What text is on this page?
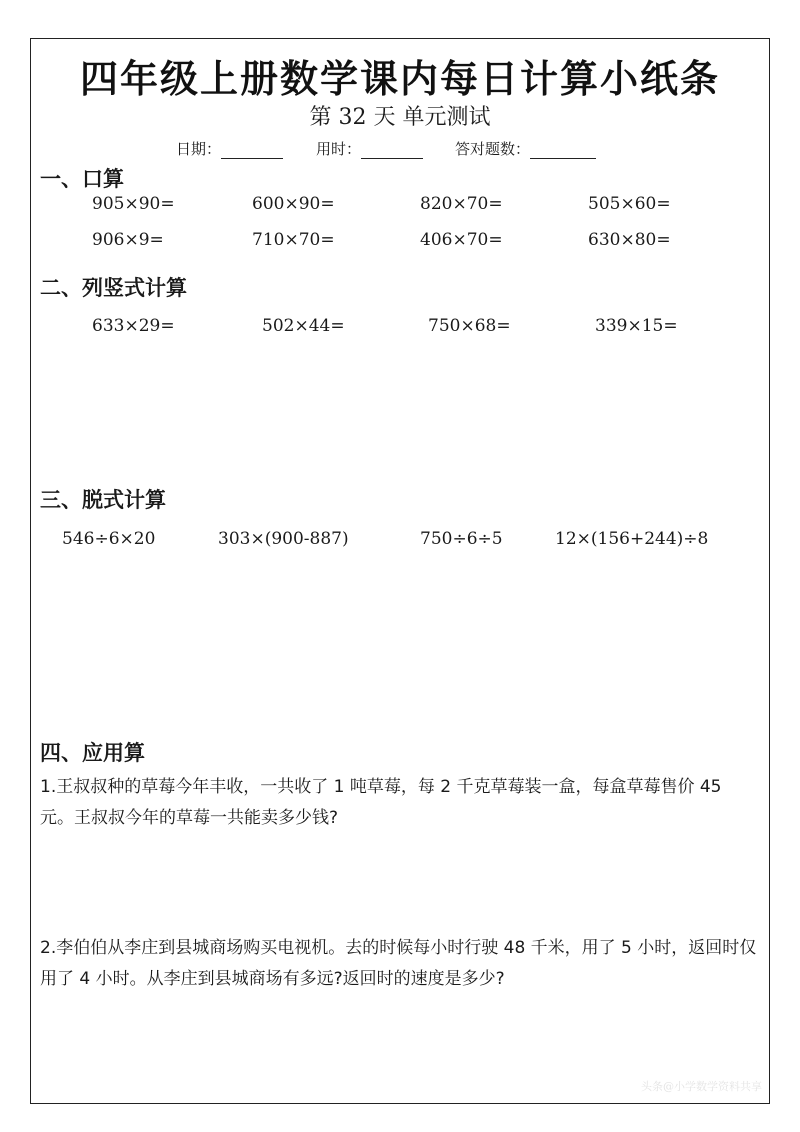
四年级上册数学课内每日计算小纸条
第 32 天 单元测试
日期：	用时：	答对题数：
一、口算
905×90=	600×90=	820×70=	505×60=
906×9=	710×70=	406×70=	630×80=
二、列竖式计算
633×29=	502×44=	750×68=	339×15=
三、脱式计算
546÷6×20	303×(900-887)	750÷6÷5	12×(156+244)÷8
四、应用算
1.王叔叔种的草莓今年丰收，一共收了 1 吨草莓，每 2 千克草莓装一盒，每盒草莓售价 45 元。王叔叔今年的草莓一共能卖多少钱?
2.李伯伯从李庄到县城商场购买电视机。去的时候每小时行驶 48 千米，用了 5 小时，返回时仅用了 4 小时。从李庄到县城商场有多远?返回时的速度是多少?
头条@小学数学资料共享
